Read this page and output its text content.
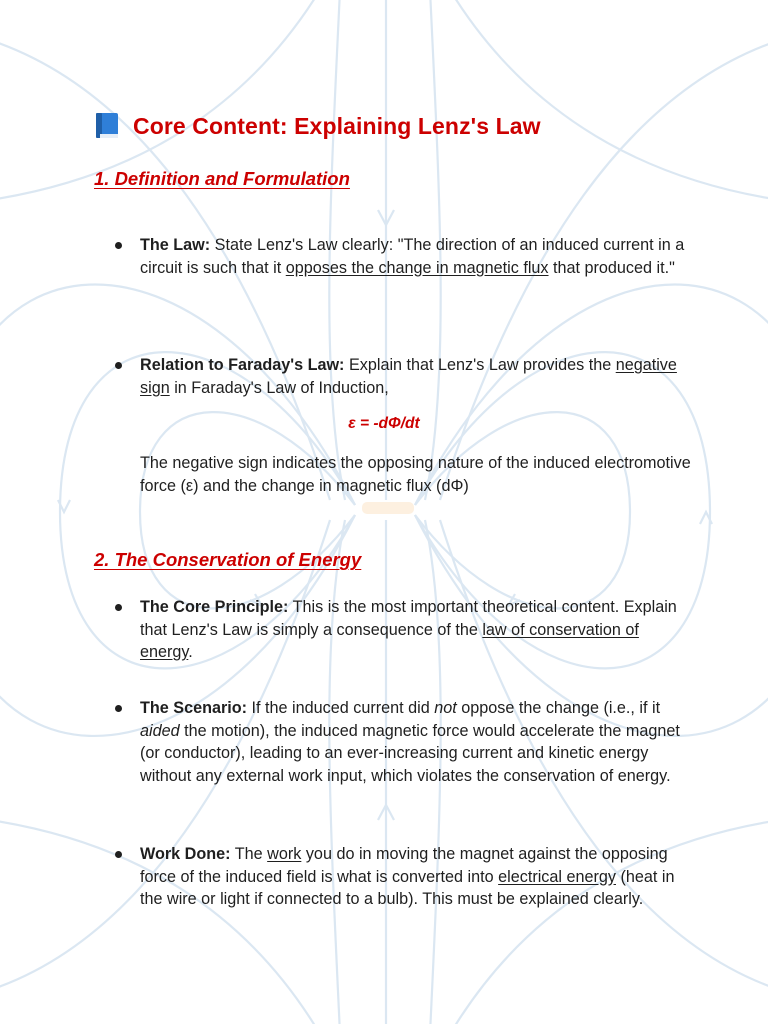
Core Content: Explaining Lenz's Law
1. Definition and Formulation
The Law: State Lenz's Law clearly: "The direction of an induced current in a circuit is such that it opposes the change in magnetic flux that produced it."
Relation to Faraday's Law: Explain that Lenz's Law provides the negative sign in Faraday's Law of Induction,
ε = -dΦ/dt
The negative sign indicates the opposing nature of the induced electromotive force (ε) and the change in magnetic flux (dΦ)
2. The Conservation of Energy
The Core Principle: This is the most important theoretical content. Explain that Lenz's Law is simply a consequence of the law of conservation of energy.
The Scenario: If the induced current did not oppose the change (i.e., if it aided the motion), the induced magnetic force would accelerate the magnet (or conductor), leading to an ever-increasing current and kinetic energy without any external work input, which violates the conservation of energy.
Work Done: The work you do in moving the magnet against the opposing force of the induced field is what is converted into electrical energy (heat in the wire or light if connected to a bulb). This must be explained clearly.
